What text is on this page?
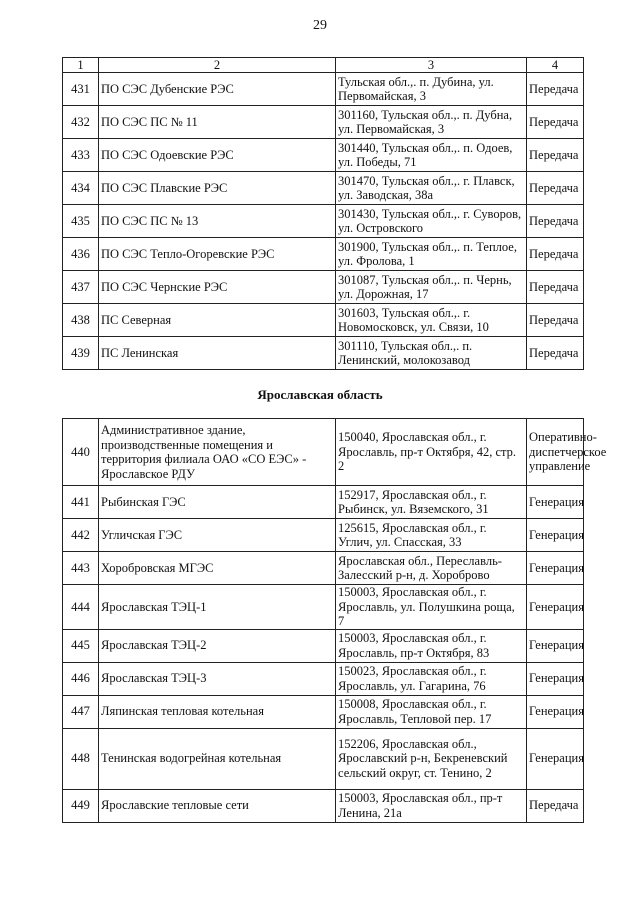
29
1	2	3	4
431	ПО СЭС Дубенские РЭС	Тульская обл.,. п. Дубина, ул. Первомайская, 3	Передача
432	ПО СЭС ПС № 11	301160, Тульская обл.,. п. Дубна, ул. Первомайская, 3	Передача
433	ПО СЭС Одоевские РЭС	301440, Тульская обл.,. п. Одоев, ул. Победы, 71	Передача
434	ПО СЭС Плавские РЭС	301470, Тульская обл.,. г. Плавск, ул. Заводская, 38а	Передача
435	ПО СЭС ПС № 13	301430, Тульская обл.,. г. Суворов, ул. Островского	Передача
436	ПО СЭС Тепло-Огоревские РЭС	301900, Тульская обл.,. п. Теплое, ул. Фролова, 1	Передача
437	ПО СЭС Чернские РЭС	301087, Тульская обл.,. п. Чернь, ул. Дорожная, 17	Передача
438	ПС Северная	301603, Тульская обл.,. г. Новомосковск, ул. Связи, 10	Передача
439	ПС Ленинская	301110, Тульская обл.,. п. Ленинский, молокозавод	Передача
Ярославская область
440	Административное здание, производственные помещения и территория филиала ОАО «СО ЕЭС» - Ярославское РДУ	150040, Ярославская обл., г. Ярославль, пр-т Октября, 42, стр. 2	Оперативно-диспетчерское управление
441	Рыбинская ГЭС	152917, Ярославская обл., г. Рыбинск, ул. Вяземского, 31	Генерация
442	Угличская ГЭС	125615, Ярославская обл., г. Углич, ул. Спасская, 33	Генерация
443	Хоробровская МГЭС	Ярославская обл., Переславль-Залесский р-н, д. Хороброво	Генерация
444	Ярославская ТЭЦ-1	150003, Ярославская обл., г. Ярославль, ул. Полушкина роща, 7	Генерация
445	Ярославская ТЭЦ-2	150003, Ярославская обл., г. Ярославль, пр-т Октября, 83	Генерация
446	Ярославская ТЭЦ-3	150023, Ярославская обл., г. Ярославль, ул. Гагарина, 76	Генерация
447	Ляпинская тепловая котельная	150008, Ярославская обл., г. Ярославль, Тепловой пер. 17	Генерация
448	Тенинская водогрейная котельная	152206, Ярославская обл., Ярославский р-н, Бекреневский сельский округ, ст. Тенино, 2	Генерация
449	Ярославские тепловые сети	150003, Ярославская обл., пр-т Ленина, 21а	Передача
